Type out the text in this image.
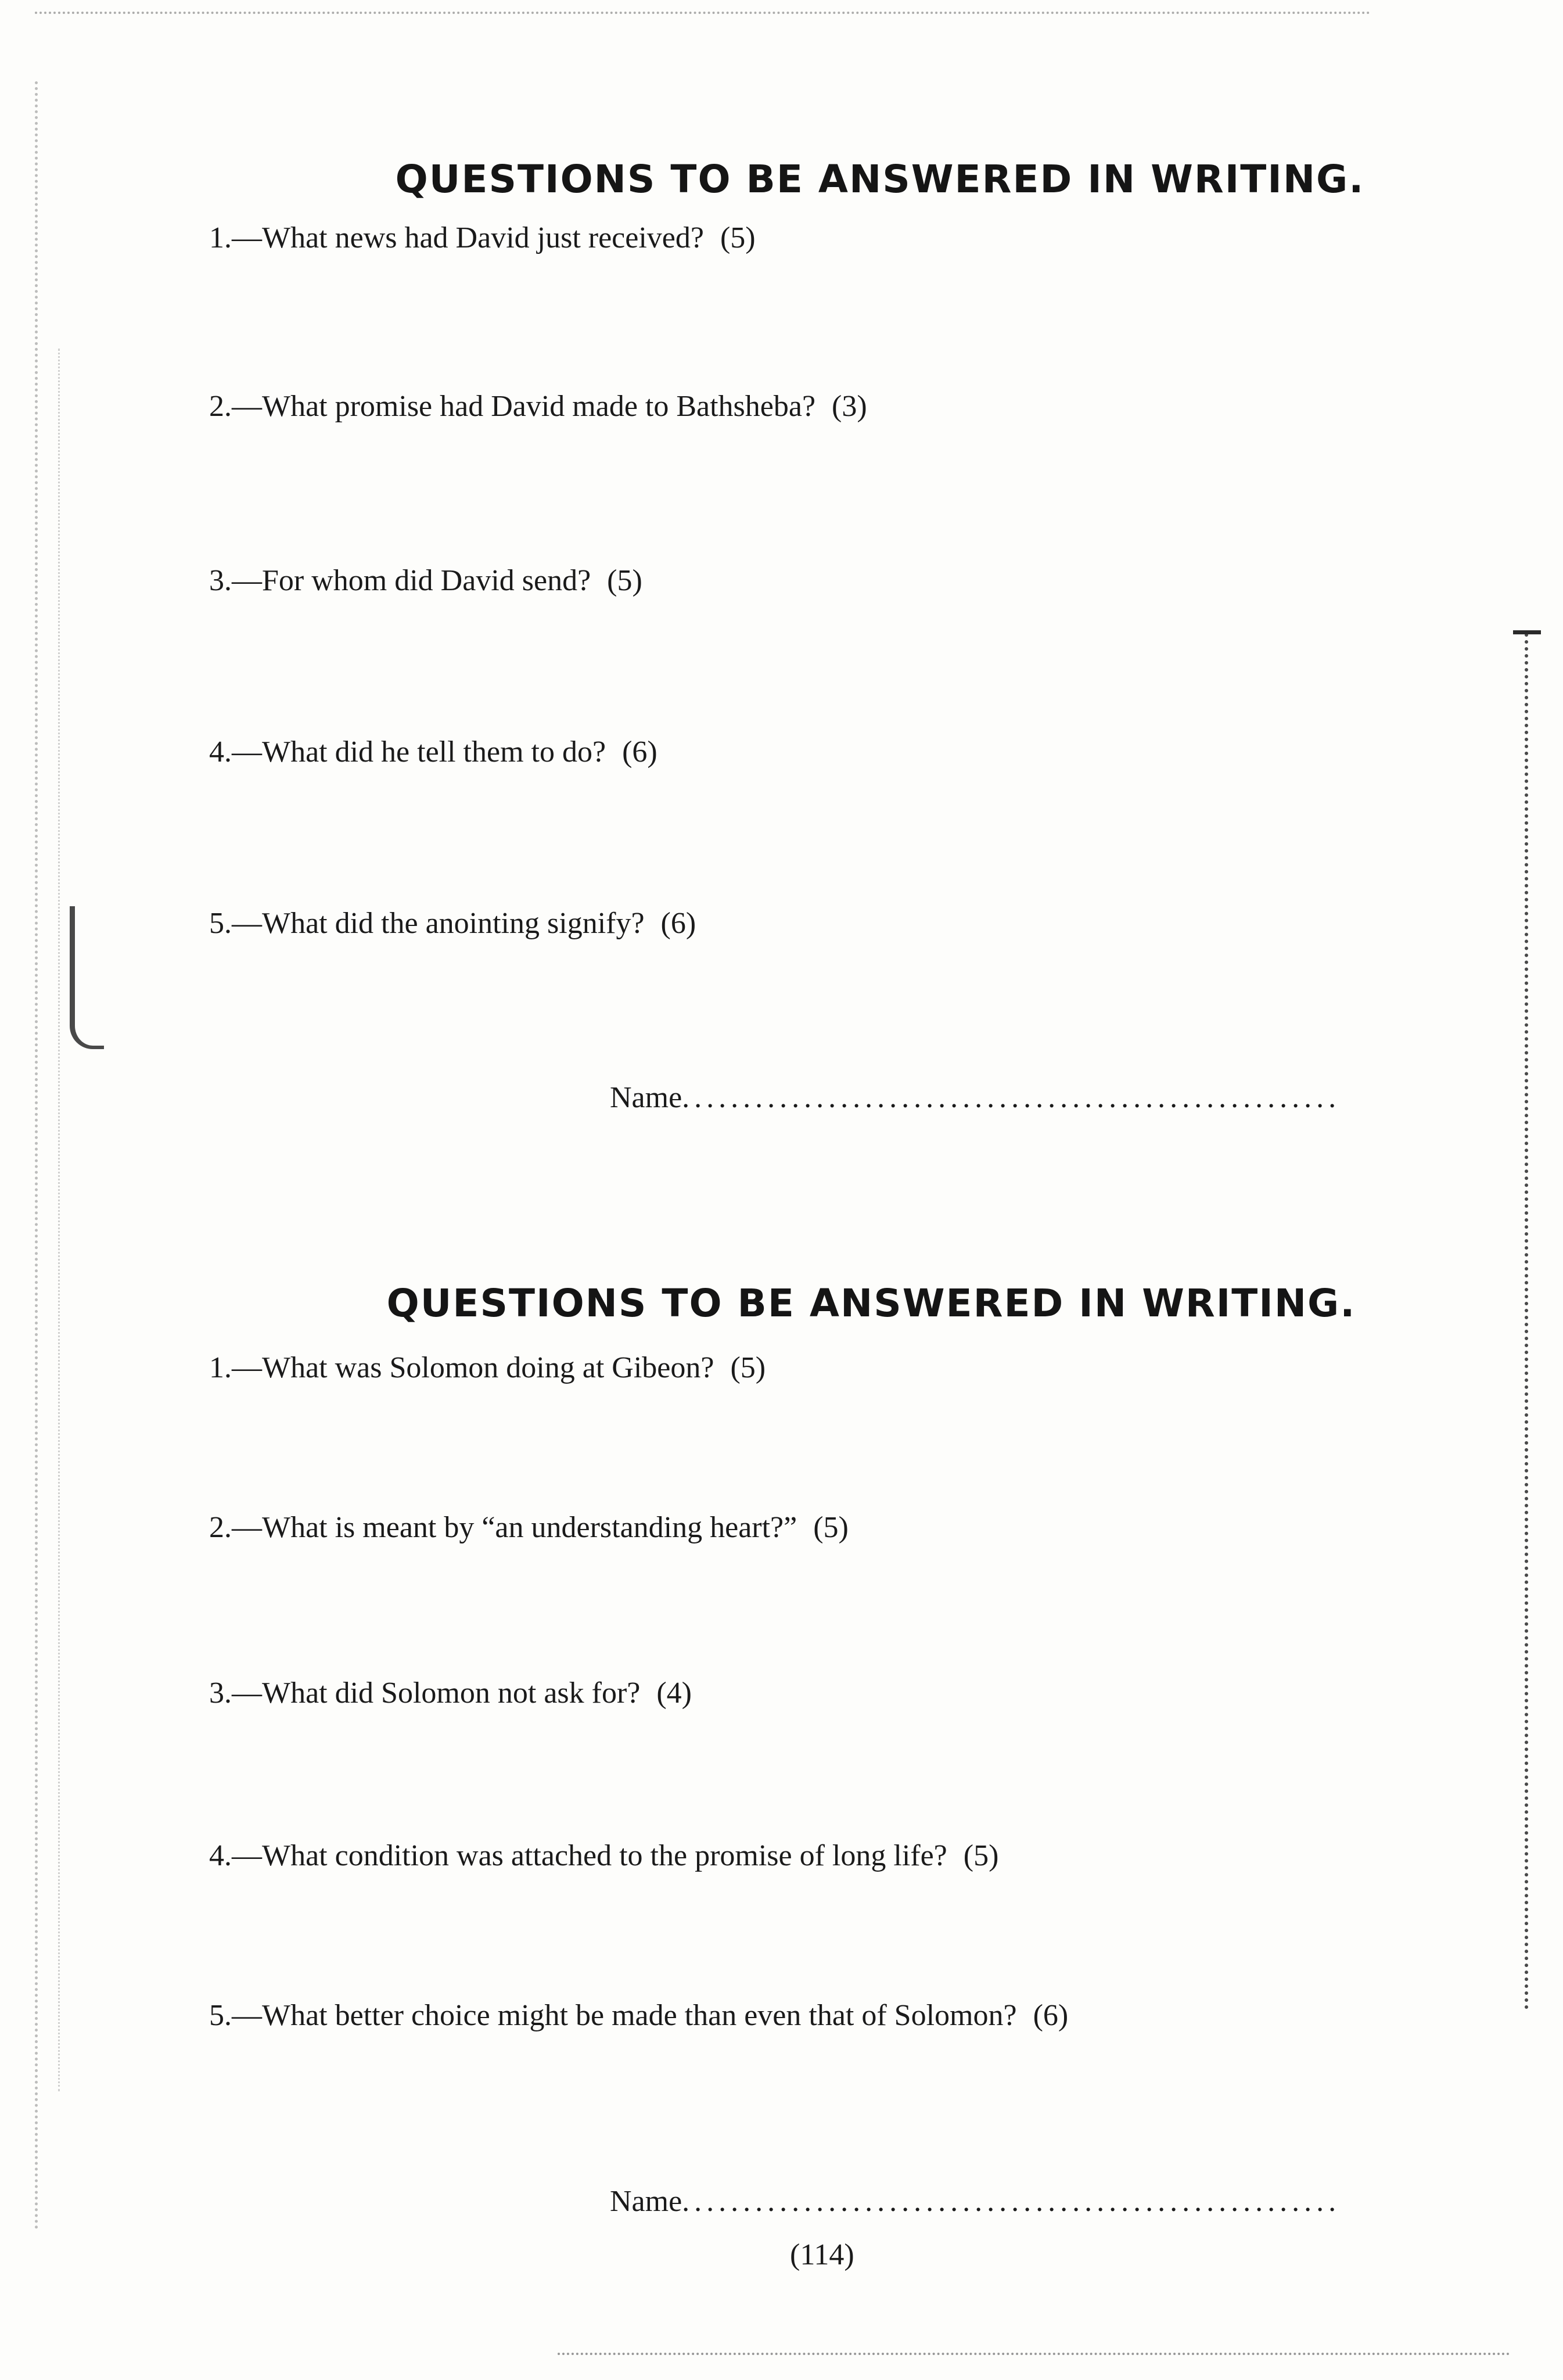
QUESTIONS TO BE ANSWERED IN WRITING.
1.—What news had David just received? (5)
2.—What promise had David made to Bathsheba? (3)
3.—For whom did David send? (5)
4.—What did he tell them to do? (6)
5.—What did the anointing signify? (6)
Name......................................................
QUESTIONS TO BE ANSWERED IN WRITING.
1.—What was Solomon doing at Gibeon? (5)
2.—What is meant by “an understanding heart?” (5)
3.—What did Solomon not ask for? (4)
4.—What condition was attached to the promise of long life? (5)
5.—What better choice might be made than even that of Solomon? (6)
Name......................................................
(114)
